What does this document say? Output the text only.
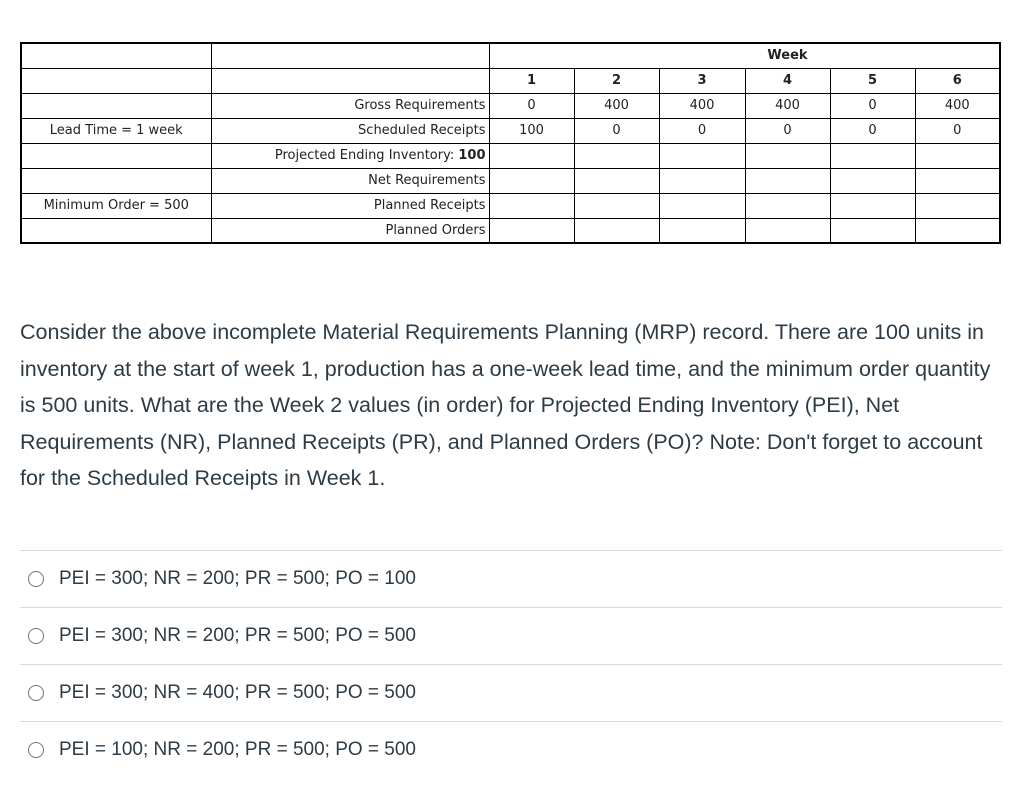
					Week		
		1	2	3	4	5	6
	Gross Requirements	0	400	400	400	0	400
Lead Time = 1 week	Scheduled Receipts	100	0	0	0	0	0
	Projected Ending Inventory: 100						
	Net Requirements						
Minimum Order = 500	Planned Receipts						
	Planned Orders						

Consider the above incomplete Material Requirements Planning (MRP) record. There are 100 units in inventory at the start of week 1, production has a one-week lead time, and the minimum order quantity is 500 units. What are the Week 2 values (in order) for Projected Ending Inventory (PEI), Net Requirements (NR), Planned Receipts (PR), and Planned Orders (PO)? Note: Don't forget to account for the Scheduled Receipts in Week 1.

PEI = 300; NR = 200; PR = 500; PO = 100
PEI = 300; NR = 200; PR = 500; PO = 500
PEI = 300; NR = 400; PR = 500; PO = 500
PEI = 100; NR = 200; PR = 500; PO = 500
